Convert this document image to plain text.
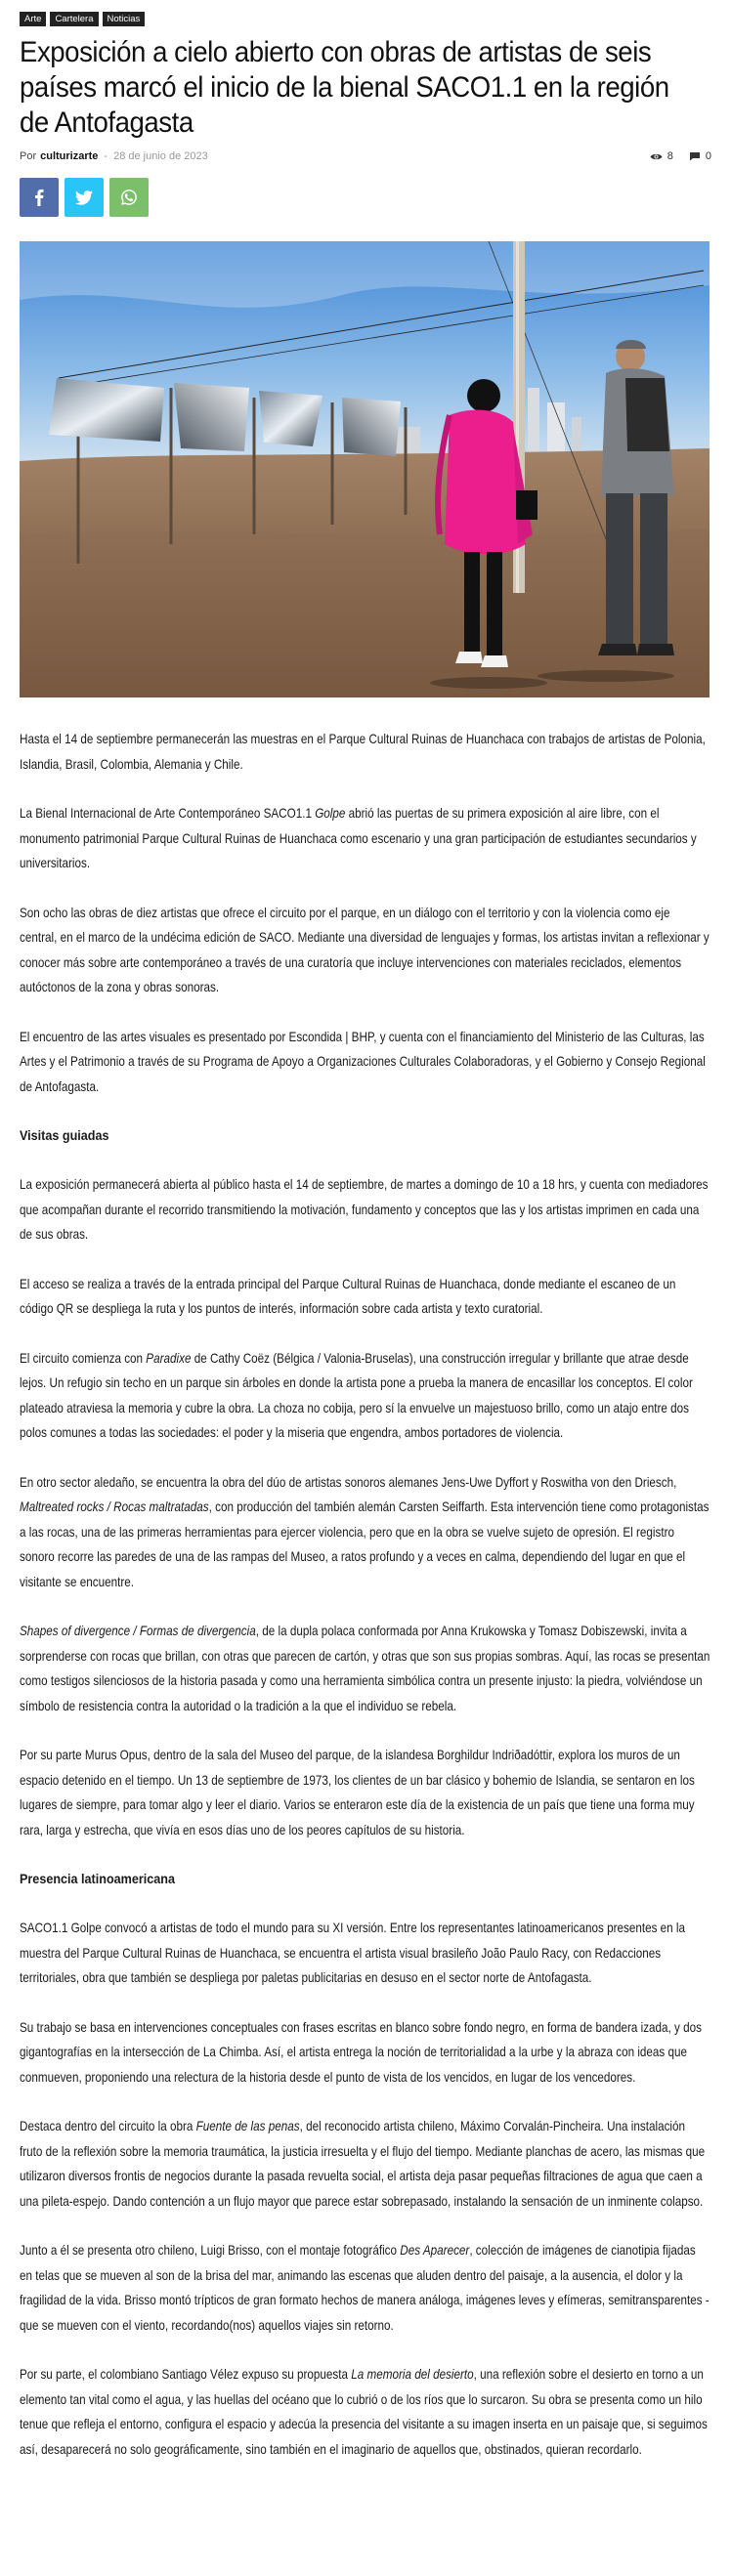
Arte	Cartelera	Noticias
Exposición a cielo abierto con obras de artistas de seis países marcó el inicio de la bienal SACO1.1 en la región de Antofagasta
Por culturizarte - 28 de junio de 2023	8	0

Hasta el 14 de septiembre permanecerán las muestras en el Parque Cultural Ruinas de Huanchaca con trabajos de artistas de Polonia, Islandia, Brasil, Colombia, Alemania y Chile.

La Bienal Internacional de Arte Contemporáneo SACO1.1 Golpe abrió las puertas de su primera exposición al aire libre, con el monumento patrimonial Parque Cultural Ruinas de Huanchaca como escenario y una gran participación de estudiantes secundarios y universitarios.

Son ocho las obras de diez artistas que ofrece el circuito por el parque, en un diálogo con el territorio y con la violencia como eje central, en el marco de la undécima edición de SACO. Mediante una diversidad de lenguajes y formas, los artistas invitan a reflexionar y conocer más sobre arte contemporáneo a través de una curatoría que incluye intervenciones con materiales reciclados, elementos autóctonos de la zona y obras sonoras.

El encuentro de las artes visuales es presentado por Escondida | BHP, y cuenta con el financiamiento del Ministerio de las Culturas, las Artes y el Patrimonio a través de su Programa de Apoyo a Organizaciones Culturales Colaboradoras, y el Gobierno y Consejo Regional de Antofagasta.

Visitas guiadas

La exposición permanecerá abierta al público hasta el 14 de septiembre, de martes a domingo de 10 a 18 hrs, y cuenta con mediadores que acompañan durante el recorrido transmitiendo la motivación, fundamento y conceptos que las y los artistas imprimen en cada una de sus obras.

El acceso se realiza a través de la entrada principal del Parque Cultural Ruinas de Huanchaca, donde mediante el escaneo de un código QR se despliega la ruta y los puntos de interés, información sobre cada artista y texto curatorial.

El circuito comienza con Paradixe de Cathy Coëz (Bélgica / Valonia-Bruselas), una construcción irregular y brillante que atrae desde lejos. Un refugio sin techo en un parque sin árboles en donde la artista pone a prueba la manera de encasillar los conceptos. El color plateado atraviesa la memoria y cubre la obra. La choza no cobija, pero sí la envuelve un majestuoso brillo, como un atajo entre dos polos comunes a todas las sociedades: el poder y la miseria que engendra, ambos portadores de violencia.

En otro sector aledaño, se encuentra la obra del dúo de artistas sonoros alemanes Jens-Uwe Dyffort y Roswitha von den Driesch, Maltreated rocks / Rocas maltratadas, con producción del también alemán Carsten Seiffarth. Esta intervención tiene como protagonistas a las rocas, una de las primeras herramientas para ejercer violencia, pero que en la obra se vuelve sujeto de opresión. El registro sonoro recorre las paredes de una de las rampas del Museo, a ratos profundo y a veces en calma, dependiendo del lugar en que el visitante se encuentre.

Shapes of divergence / Formas de divergencia, de la dupla polaca conformada por Anna Krukowska y Tomasz Dobiszewski, invita a sorprenderse con rocas que brillan, con otras que parecen de cartón, y otras que son sus propias sombras. Aquí, las rocas se presentan como testigos silenciosos de la historia pasada y como una herramienta simbólica contra un presente injusto: la piedra, volviéndose un símbolo de resistencia contra la autoridad o la tradición a la que el individuo se rebela.

Por su parte Murus Opus, dentro de la sala del Museo del parque, de la islandesa Borghildur Indriðadóttir, explora los muros de un espacio detenido en el tiempo. Un 13 de septiembre de 1973, los clientes de un bar clásico y bohemio de Islandia, se sentaron en los lugares de siempre, para tomar algo y leer el diario. Varios se enteraron este día de la existencia de un país que tiene una forma muy rara, larga y estrecha, que vivía en esos días uno de los peores capítulos de su historia.

Presencia latinoamericana

SACO1.1 Golpe convocó a artistas de todo el mundo para su XI versión. Entre los representantes latinoamericanos presentes en la muestra del Parque Cultural Ruinas de Huanchaca, se encuentra el artista visual brasileño João Paulo Racy, con Redacciones territoriales, obra que también se despliega por paletas publicitarias en desuso en el sector norte de Antofagasta.

Su trabajo se basa en intervenciones conceptuales con frases escritas en blanco sobre fondo negro, en forma de bandera izada, y dos gigantografías en la intersección de La Chimba. Así, el artista entrega la noción de territorialidad a la urbe y la abraza con ideas que conmueven, proponiendo una relectura de la historia desde el punto de vista de los vencidos, en lugar de los vencedores.

Destaca dentro del circuito la obra Fuente de las penas, del reconocido artista chileno, Máximo Corvalán-Pincheira. Una instalación fruto de la reflexión sobre la memoria traumática, la justicia irresuelta y el flujo del tiempo. Mediante planchas de acero, las mismas que utilizaron diversos frontis de negocios durante la pasada revuelta social, el artista deja pasar pequeñas filtraciones de agua que caen a una pileta-espejo. Dando contención a un flujo mayor que parece estar sobrepasado, instalando la sensación de un inminente colapso.

Junto a él se presenta otro chileno, Luigi Brisso, con el montaje fotográfico Des Aparecer, colección de imágenes de cianotipia fijadas en telas que se mueven al son de la brisa del mar, animando las escenas que aluden dentro del paisaje, a la ausencia, el dolor y la fragilidad de la vida. Brisso montó trípticos de gran formato hechos de manera análoga, imágenes leves y efímeras, semitransparentes -que se mueven con el viento, recordando(nos) aquellos viajes sin retorno.

Por su parte, el colombiano Santiago Vélez expuso su propuesta La memoria del desierto, una reflexión sobre el desierto en torno a un elemento tan vital como el agua, y las huellas del océano que lo cubrió o de los ríos que lo surcaron. Su obra se presenta como un hilo tenue que refleja el entorno, configura el espacio y adecúa la presencia del visitante a su imagen inserta en un paisaje que, si seguimos así, desaparecerá no solo geográficamente, sino también en el imaginario de aquellos que, obstinados, quieran recordarlo.
